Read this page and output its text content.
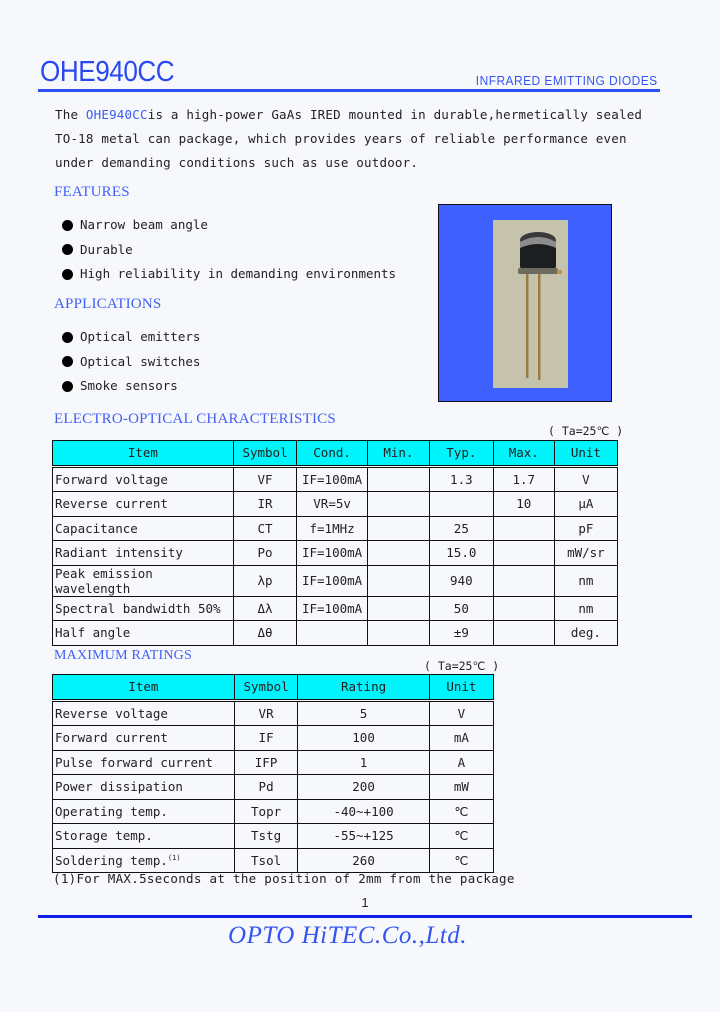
OHE940CC	INFRARED EMITTING DIODES
The OHE940CCis a high-power GaAs IRED mounted in durable,hermetically sealed
TO-18 metal can package, which provides years of reliable performance even
under demanding conditions such as use outdoor.
FEATURES
Narrow beam angle
Durable
High reliability in demanding environments
APPLICATIONS
Optical emitters
Optical switches
Smoke sensors
ELECTRO-OPTICAL CHARACTERISTICS
( Ta=25℃ )
Item	Symbol	Cond.	Min.	Typ.	Max.	Unit
Forward voltage	VF	IF=100mA		1.3	1.7	V
Reverse current	IR	VR=5v			10	μA
Capacitance	CT	f=1MHz		25		pF
Radiant intensity	Po	IF=100mA		15.0		mW/sr
Peak emission wavelength	λp	IF=100mA		940		nm
Spectral bandwidth 50%	Δλ	IF=100mA		50		nm
Half angle	Δθ			±9		deg.
MAXIMUM RATINGS
( Ta=25℃ )
Item	Symbol	Rating	Unit
Reverse voltage	VR	5	V
Forward current	IF	100	mA
Pulse forward current	IFP	1	A
Power dissipation	Pd	200	mW
Operating temp.	Topr	-40~+100	℃
Storage temp.	Tstg	-55~+125	℃
Soldering temp.$^{(1)}$	Tsol	260	℃
(1)For MAX.5seconds at the position of 2mm from the package
1
OPTO HiTEC.Co.,Ltd.
